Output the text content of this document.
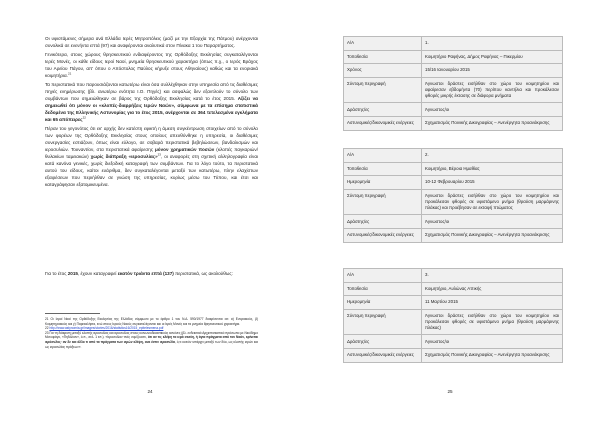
Οι υφιστάμενες σήμερα ανά Ελλάδα Ιερές Μητροπόλεις (μαζί με την Εξαρχία της Πάτμου) ανέρχονται συνολικά σε ενενήντα επτά (97) και αναφέρονται αναλυτικά στον Πίνακα 1 του Παραρτήματος.

Γενικότερα, στους χώρους θρησκευτικού ενδιαφέροντος της Ορθόδοξης Εκκλησίας συγκαταλέγονται Ιερές Μονές, οι κάθε είδους Ιεροί Ναοί, μνημεία θρησκευτικού χαρακτήρα (όπως π.χ., ο Ιερός Βράχος του Αρείου Πάγου, απ' όπου ο Απόστολος Παύλος κήρυξε στους Αθηναίους) καθώς και τα ενοριακά κοιμητήρια.$^{21}$

Τα περιστατικά που παρουσιάζονται κατωτέρω είναι όσα συλλέχθηκαν στην υπηρεσία από τις διαθέσιμες πηγές ενημέρωσης (βλ. ανωτέρω ενότητα I.Ο. Πηγές) και ασφαλώς δεν εξαντλούν το σύνολο των συμβάντων που σημειώθηκαν σε βάρος της Ορθόδοξης Εκκλησίας κατά το έτος 2015. Αξίζει να σημειωθεί ότι μόνον οι «κλοπές-διαρρήξεις Ιερών Ναών», σύμφωνα με τα επίσημα στατιστικά δεδομένα της Ελληνικής Αστυνομίας για το έτος 2015, ανέρχονται σε 364 τετελεσμένα εγκλήματα και 65 απόπειρες$^{22}$

Πέραν του γεγονότος ότι εκ' αρχής δεν κατέστη εφικτή η άμεση συγκέντρωση στοιχείων από το σύνολο των φορέων της Ορθόδοξης Εκκλησίας στους οποίους απευθύνθηκε η υπηρεσία, οι διαθέσιμες συνεργασίες εστιάζουν, όπως είναι εύλογο, σε σοβαρά περιστατικά βεβηλώσεων, βανδαλισμών και ιεροσυλιών. Τουναντίον, στα περιστατικά αφαίρεσης μόνον χρηματικών ποσών (κλοπές παγκαριών/θυλακίων ταμειακών) χωρίς διάπραξη «ιεροσυλίας»$^{23}$, οι αναφορές στη σχετική αλληλογραφία είναι κατά κανόνα γενικές, χωρίς διεξοδική καταγραφή των συμβάντων. Για το λόγο τούτο, τα περιστατικά αυτού του είδους, καίτοι ευάριθμα, δεν συγκαταλέγονται μεταξύ των κατωτέρω, πλην ελαχίστων εξαιρέσεων που περιήλθαν σε γνώση της υπηρεσίας, κυρίως μέσω του Τύπου, και έτσι και καταγράφησαν εξατομικευμένα.

Για το έτος 2015, έχουν καταγραφεί εκατόν τριάντα επτά (137) περιστατικά, ως ακολούθως:
21 Οι Ιεροί Ναοί της Ορθόδοξης Εκκλησίας της Ελλάδος σύμφωνα με το άρθρο 1 του Ν.Δ. 590/1977 διακρίνονται σε: α) Ενοριακούς, β) Κοιμητηριακούς και γ) Παρεκκλήσια, ενώ στους Ιερούς Ναούς συγκαταλέγονται και οι Ιερές Μονές και τα μνημεία θρησκευτικού χαρακτήρα.
22 http://www.astynomia.gr/images/stories/2016/statistics16/2015_epitelesmena.pdf
23 Για τη διάκριση μεταξύ κλοπής ιεροσυλίας και ιεροσυλίας στους κοινωνιοδικαστικούς κανόνες (βλ. ενδεικτικά Αρχιεπισκοπικό πρόσωπο με Νικόδημο Μονοφάγο, «Πηδάλιον», ό.π., σελ. 1 επ.). «Ιεροσυλίαν τινές νομίζουσιν, ότι αν τις κλέψη τα ιερά σκεύη, ή άγια πράγματα από τον Ναόν, κρίνεται ιερόσυλος· αν δε και άλλο τι από τα πράγματα των ιερών κλέψη, ουκ έστιν ιεροσυλία, ό,τι κοινόν υπάρχει μεταξύ των δύο, ως κλοπής ιερών και ως ιεροσυλίας πράξεων».
24
Α/Α	1.
Τοποθεσία	Κοιμητήριο Ραφήνας, Δήμος Ραφήνας – Πικερμίου
Χρόνος	15/16 Ιανουαρίου 2015
Σύντομη περιγραφή	Άγνωστοι δράστες εισήλθαν στο χώρο του κοιμητηρίου και αφαίρεσαν εβδομήντα (70) περίπου καντήλια και προκάλεσαν φθορές μικρής έκτασης σε διάφορα μνήματα
Δράστης/ες	Άγνωστος/οι
Αστυνομικές/δικονομικές ενέργειες	Σχηματισμός Ποινικής Δικογραφίας – Ανενέργητα προανάκρισης
Α/Α	2.
Τοποθεσία	Κοιμητήριο, Βέροια Ημαθίας
Ημερομηνία	10-12 Φεβρουαρίου 2015
Σύντομη περιγραφή	Άγνωστοι δράστες εισήλθαν στο χώρο του κοιμητηρίου και προκάλεσαν φθορές σε υφιστάμενο μνήμα (θραύση μαρμάρινης πλάκας) και προέβησαν σε εκταφή πτώματος
Δράστης/ες	Άγνωστος/οι
Αστυνομικές/δικονομικές ενέργειες	Σχηματισμός Ποινικής Δικογραφίας – Ανενέργητα προανάκρισης
Α/Α	3.
Τοποθεσία	Κοιμητήριο, Αυλώνας Αττικής
Ημερομηνία	11 Μαρτίου 2015
Σύντομη περιγραφή	Άγνωστοι δράστες εισήλθαν στο χώρο του κοιμητηρίου και προκάλεσαν φθορές σε υφιστάμενο μνήμα (θραύση μαρμάρινης πλάκας)
Δράστης/ες	Άγνωστος/οι
Αστυνομικές/δικονομικές ενέργειες	Σχηματισμός Ποινικής Δικογραφίας – Ανενέργητα προανάκρισης
25
